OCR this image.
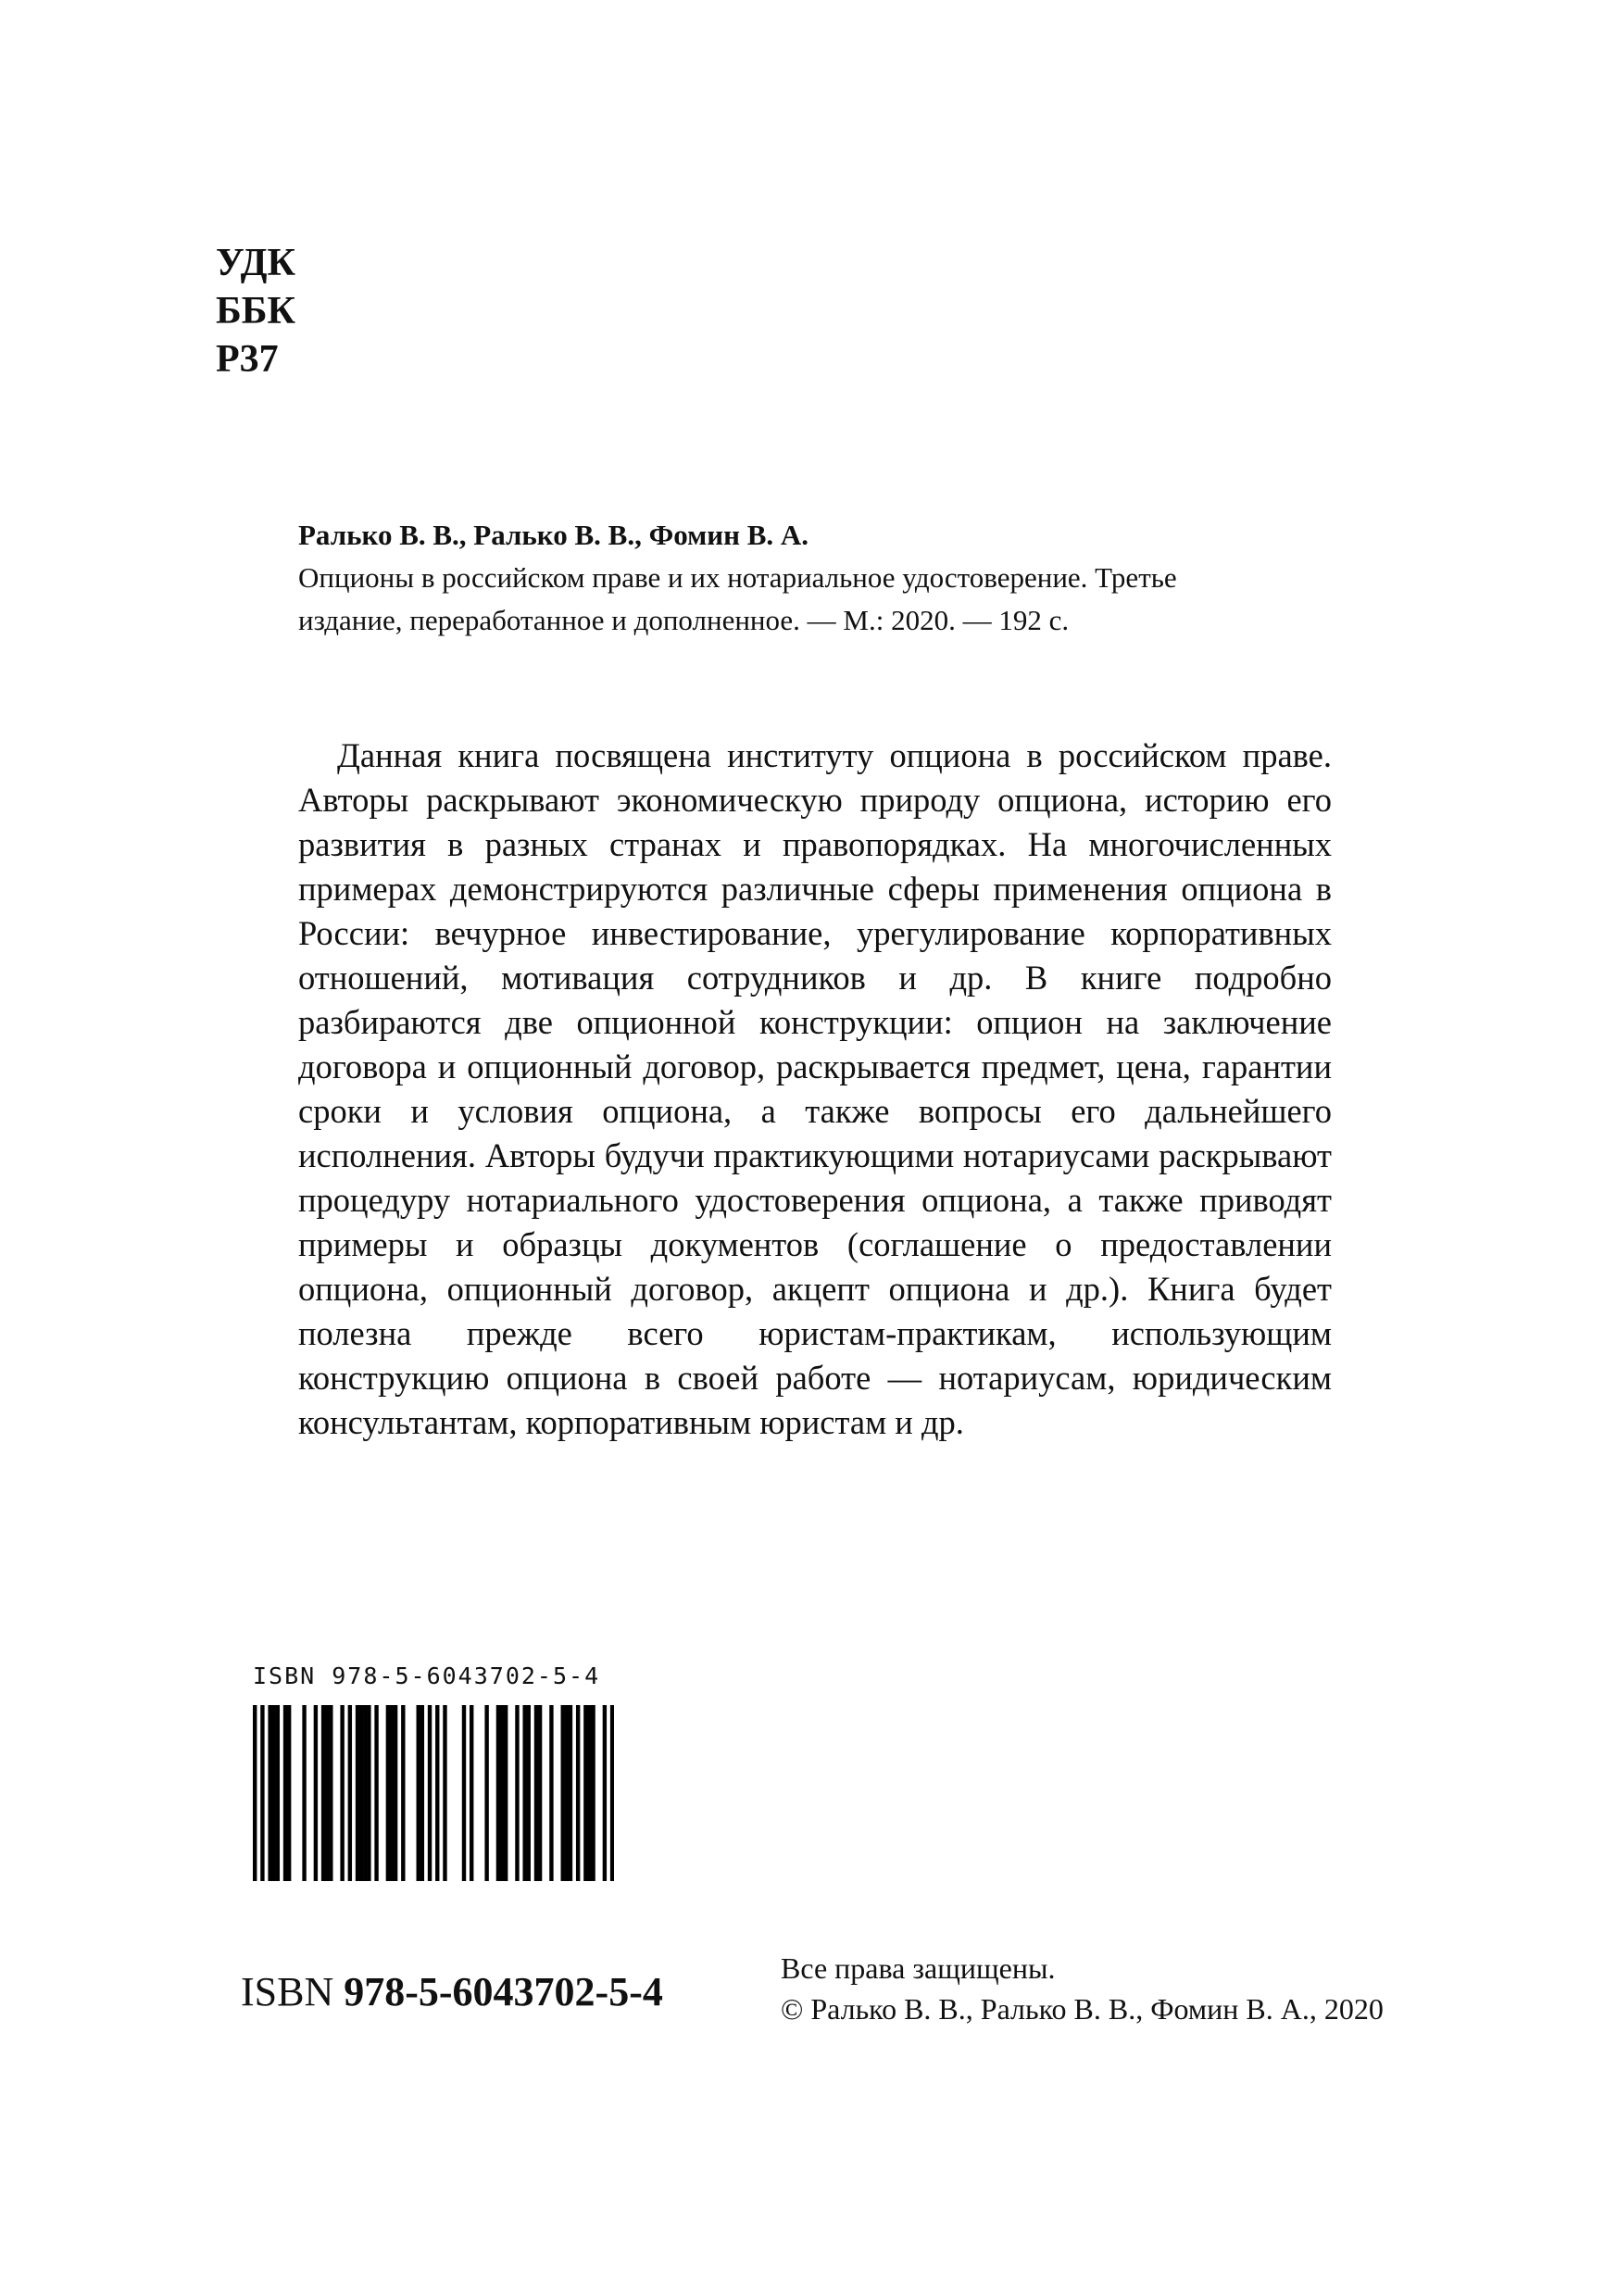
УДК
ББК
Р37
Ралько В. В., Ралько В. В., Фомин В. А.
Опционы в российском праве и их нотариальное удостоверение. Третье
издание, переработанное и дополненное. — М.: 2020. — 192 с.
Данная книга посвящена институту опциона в российском праве. Авторы раскрывают экономическую природу опциона, историю его развития в разных странах и правопорядках. На многочисленных примерах демонстрируются различные сферы применения опциона в России: вечурное инвестирование, урегулирование корпоративных отношений, мотивация сотрудников и др. В книге подробно разбираются две опционной конструкции: опцион на заключение договора и опционный договор, раскрывается предмет, цена, гарантии сроки и условия опциона, а также вопросы его дальнейшего исполнения. Авторы будучи практикующими нотариусами раскрывают процедуру нотариального удостоверения опциона, а также приводят примеры и образцы документов (соглашение о предоставлении опциона, опционный договор, акцепт опциона и др.). Книга будет полезна прежде всего юристам-практикам, использующим конструкцию опциона в своей работе — нотариусам, юридическим консультантам, корпоративным юристам и др.
ISBN 978-5-6043702-5-4
ISBN 978-5-6043702-5-4
Все права защищены.
© Ралько В. В., Ралько В. В., Фомин В. А., 2020
